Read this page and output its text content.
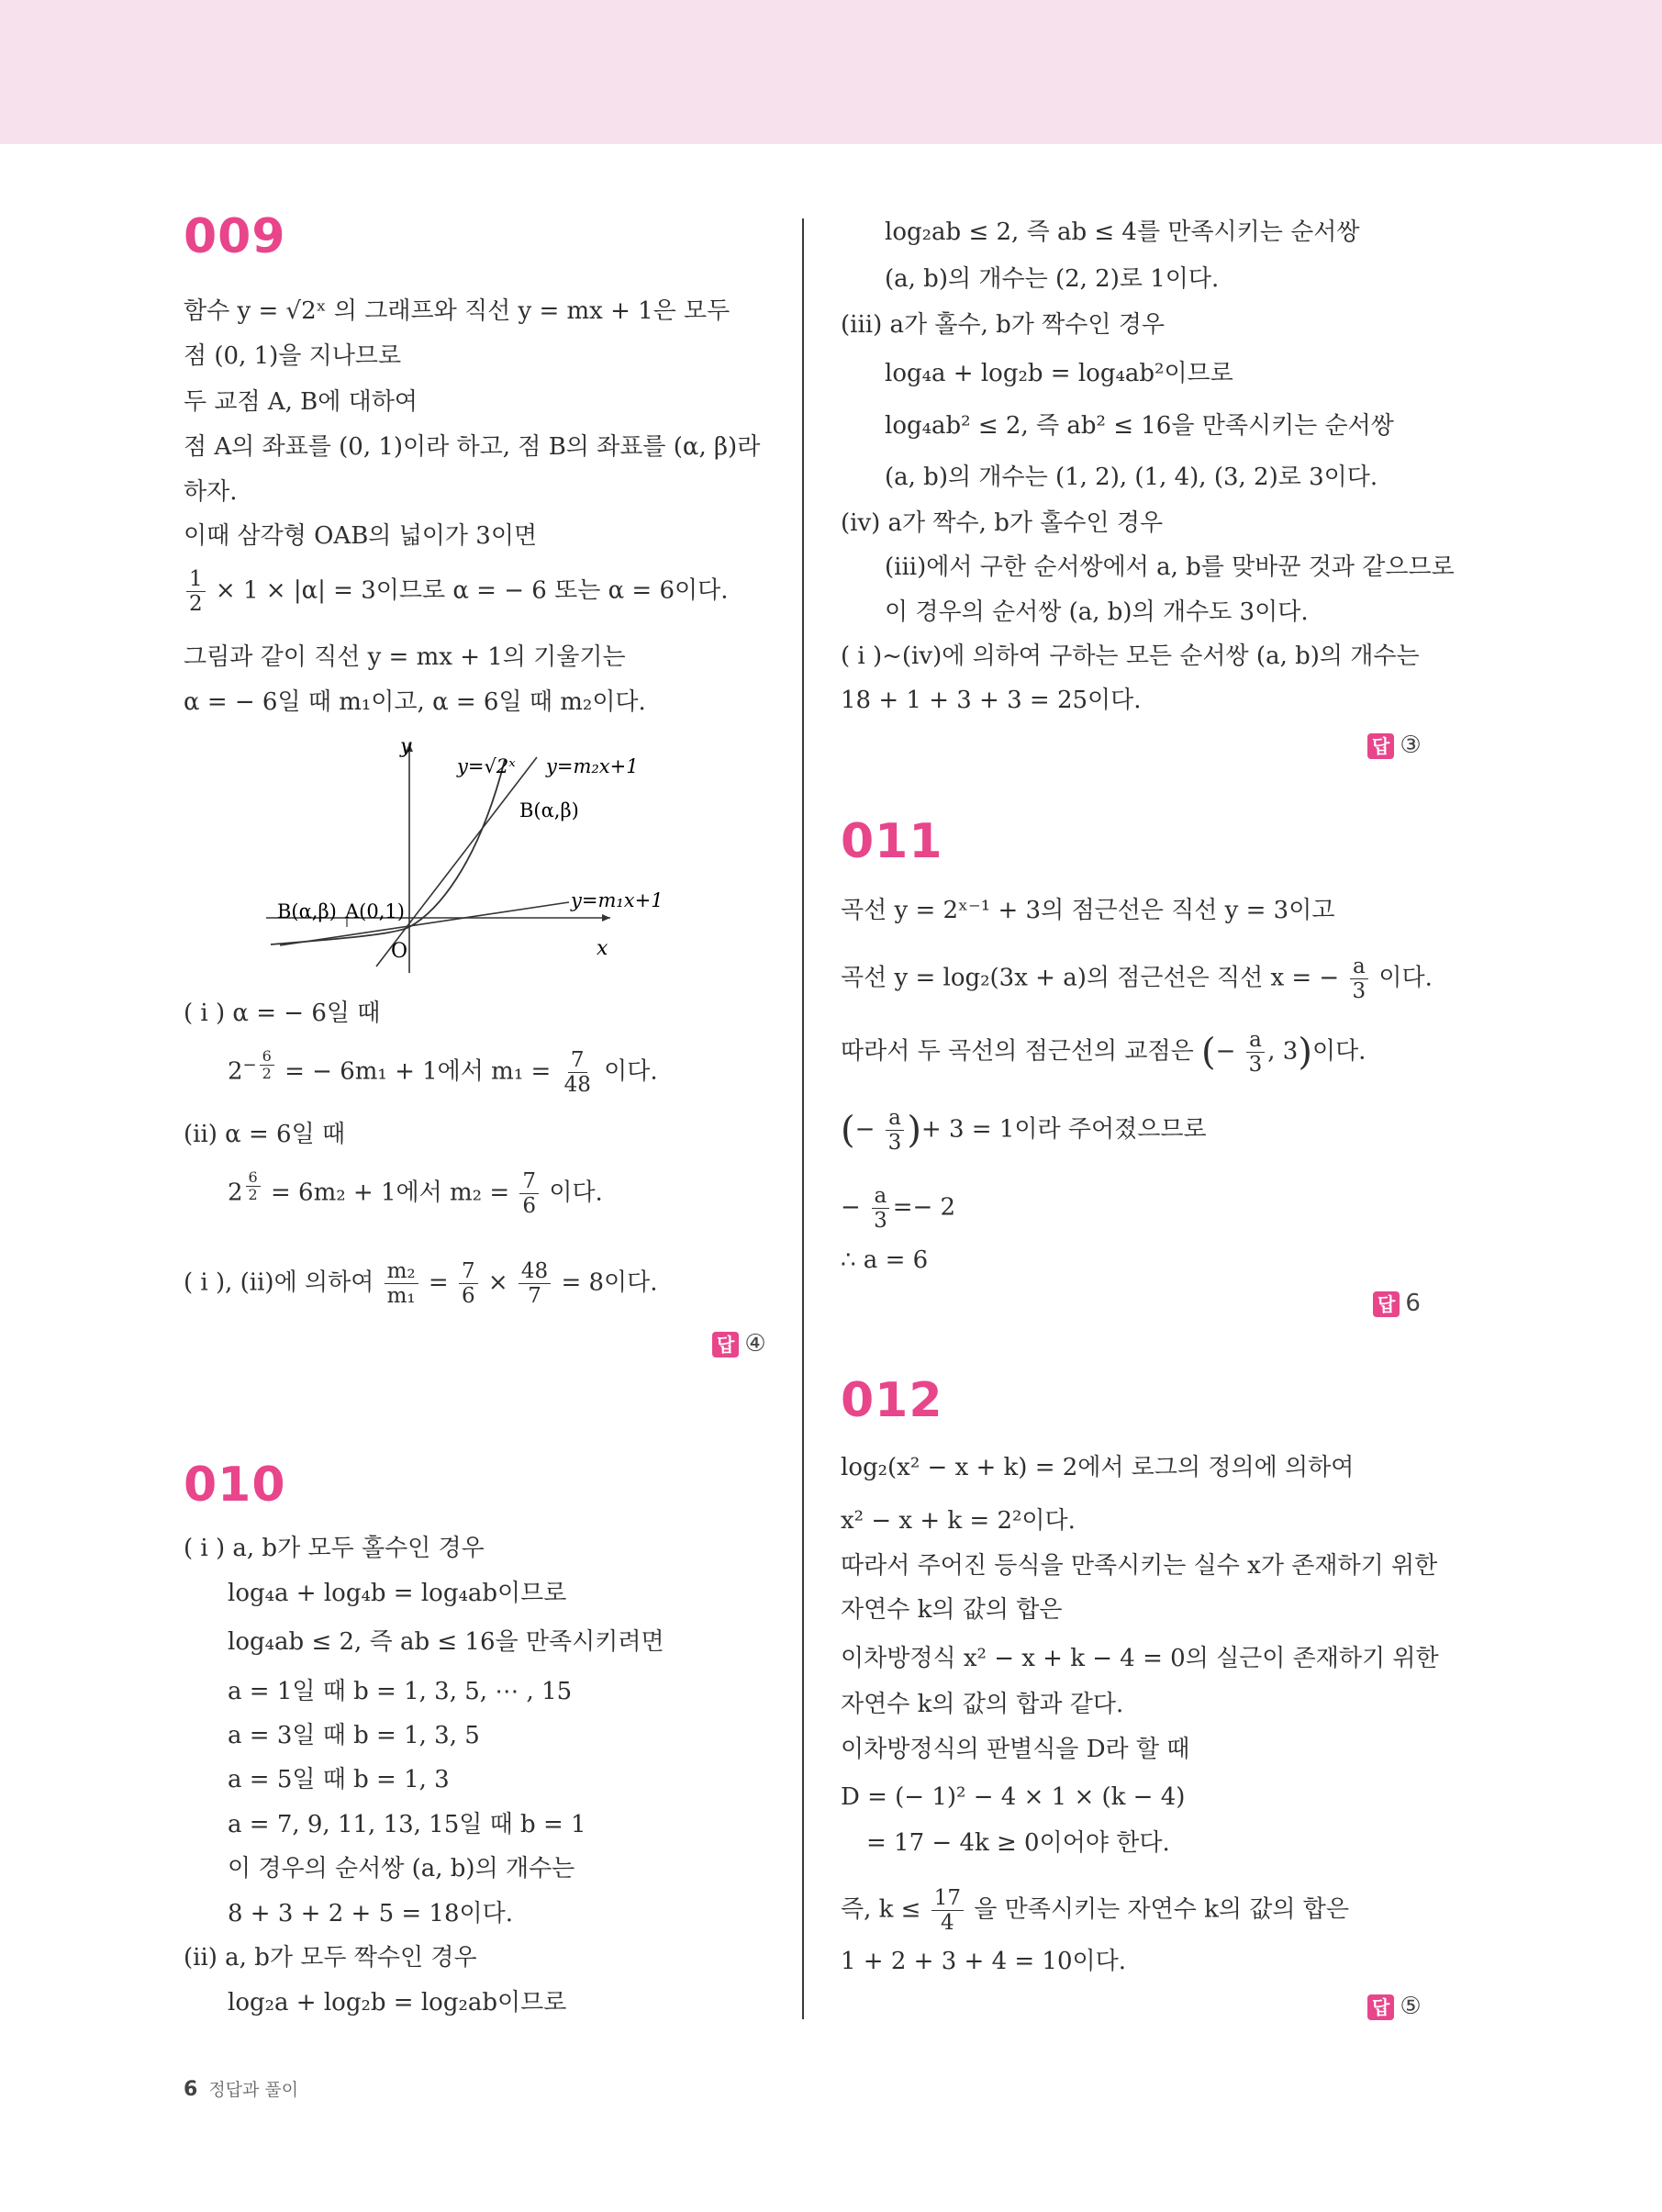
009
함수 y = √2ˣ 의 그래프와 직선 y = mx + 1은 모두
점 (0, 1)을 지나므로
두 교점 A, B에 대하여
점 A의 좌표를 (0, 1)이라 하고, 점 B의 좌표를 (α, β)라
하자.
이때 삼각형 OAB의 넓이가 3이면
$\frac{1}{2} \times 1 \times |\alpha| = 3$이므로 α = − 6 또는 α = 6이다.
그림과 같이 직선 y = mx + 1의 기울기는
α = − 6일 때 m₁이고, α = 6일 때 m₂이다.
y
x
O
y=√2ˣ y=m₂x+1
y=m₁x+1
B(α,β)
B(α,β) A(0,1)
( i ) α = − 6일 때
$2^{- \frac{6}{2}}$ = − 6m₁ + 1에서 $m_1 = \frac{7}{48}$ 이다.
(ii) α = 6일 때
2 $^{\frac{6}{2}}$ = 6m₂ + 1에서 $m_2 = \frac{7}{6}$ 이다.
( i ), (ii)에 의하여 $\frac{\text{m₂}}{\text{m₁}} = \frac{7}{6} \times \frac{48}{7} = 8$이다.
답 ④
010
( i ) a, b가 모두 홀수인 경우
log₄a + log₄b = log₄ab이므로
log₄ab ≤ 2, 즉 ab ≤ 16을 만족시키려면
a = 1일 때 b = 1, 3, 5, ⋯ , 15
a = 3일 때 b = 1, 3, 5
a = 5일 때 b = 1, 3
a = 7, 9, 11, 13, 15일 때 b = 1
이 경우의 순서쌍 (a, b)의 개수는
8 + 3 + 2 + 5 = 18이다.
(ii) a, b가 모두 짝수인 경우
log₂a + log₂b = log₂ab이므로
log₂ab ≤ 2, 즉 ab ≤ 4를 만족시키는 순서쌍
(a, b)의 개수는 (2, 2)로 1이다.
(iii) a가 홀수, b가 짝수인 경우
log₄a + log₂b = log₄ab²이므로
log₄ab² ≤ 2, 즉 ab² ≤ 16을 만족시키는 순서쌍
(a, b)의 개수는 (1, 2), (1, 4), (3, 2)로 3이다.
(iv) a가 짝수, b가 홀수인 경우
(iii)에서 구한 순서쌍에서 a, b를 맞바꾼 것과 같으므로
이 경우의 순서쌍 (a, b)의 개수도 3이다.
( i )~(iv)에 의하여 구하는 모든 순서쌍 (a, b)의 개수는
18 + 1 + 3 + 3 = 25이다.
답 ③
011
곡선 y = 2ˣ⁻¹ + 3의 점근선은 직선 y = 3이고
곡선 y = log₂(3x + a)의 점근선은 직선 x = − $\frac{a}{3}$ 이다.
따라서 두 곡선의 점근선의 교점은 (− $\frac{a}{3}$ , 3)이다.
(− $\frac{a}{3}$ )+ 3 = 1이라 주어졌으므로
− $\frac{a}{3} =- 2$
∴ a = 6
답 6
012
log₂(x² − x + k) = 2에서 로그의 정의에 의하여
x² − x + k = 2²이다.
따라서 주어진 등식을 만족시키는 실수 x가 존재하기 위한
자연수 k의 값의 합은
이차방정식 x² − x + k − 4 = 0의 실근이 존재하기 위한
자연수 k의 값의 합과 같다.
이차방정식의 판별식을 D라 할 때
D = (− 1)² − 4 × 1 × (k − 4)
= 17 − 4k ≥ 0이어야 한다.
즉, $k \le \frac{17}{4}$ 을 만족시키는 자연수 k의 값의 합은
1 + 2 + 3 + 4 = 10이다.
답 ⑤
6 정답과 풀이
